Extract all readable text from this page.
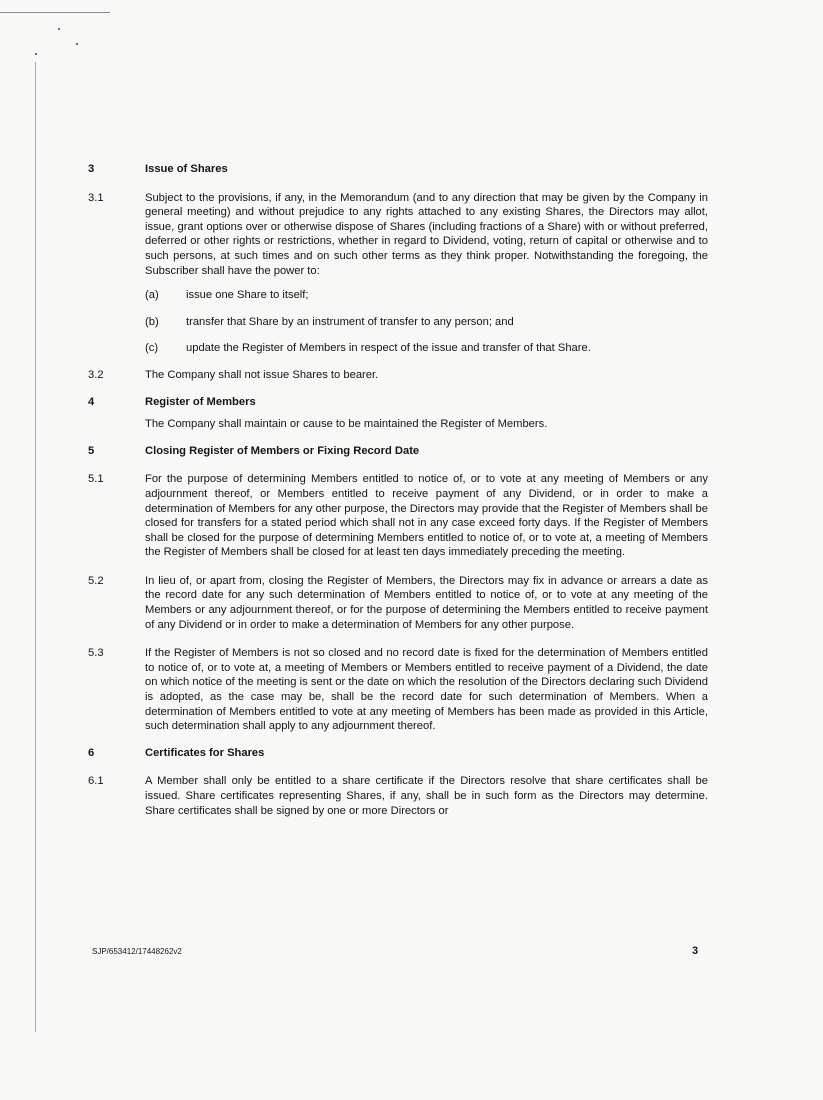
3	Issue of Shares
3.1	Subject to the provisions, if any, in the Memorandum (and to any direction that may be given by the Company in general meeting) and without prejudice to any rights attached to any existing Shares, the Directors may allot, issue, grant options over or otherwise dispose of Shares (including fractions of a Share) with or without preferred, deferred or other rights or restrictions, whether in regard to Dividend, voting, return of capital or otherwise and to such persons, at such times and on such other terms as they think proper. Notwithstanding the foregoing, the Subscriber shall have the power to:
(a)	issue one Share to itself;
(b)	transfer that Share by an instrument of transfer to any person; and
(c)	update the Register of Members in respect of the issue and transfer of that Share.
3.2	The Company shall not issue Shares to bearer.
4	Register of Members
The Company shall maintain or cause to be maintained the Register of Members.
5	Closing Register of Members or Fixing Record Date
5.1	For the purpose of determining Members entitled to notice of, or to vote at any meeting of Members or any adjournment thereof, or Members entitled to receive payment of any Dividend, or in order to make a determination of Members for any other purpose, the Directors may provide that the Register of Members shall be closed for transfers for a stated period which shall not in any case exceed forty days. If the Register of Members shall be closed for the purpose of determining Members entitled to notice of, or to vote at, a meeting of Members the Register of Members shall be closed for at least ten days immediately preceding the meeting.
5.2	In lieu of, or apart from, closing the Register of Members, the Directors may fix in advance or arrears a date as the record date for any such determination of Members entitled to notice of, or to vote at any meeting of the Members or any adjournment thereof, or for the purpose of determining the Members entitled to receive payment of any Dividend or in order to make a determination of Members for any other purpose.
5.3	If the Register of Members is not so closed and no record date is fixed for the determination of Members entitled to notice of, or to vote at, a meeting of Members or Members entitled to receive payment of a Dividend, the date on which notice of the meeting is sent or the date on which the resolution of the Directors declaring such Dividend is adopted, as the case may be, shall be the record date for such determination of Members. When a determination of Members entitled to vote at any meeting of Members has been made as provided in this Article, such determination shall apply to any adjournment thereof.
6	Certificates for Shares
6.1	A Member shall only be entitled to a share certificate if the Directors resolve that share certificates shall be issued. Share certificates representing Shares, if any, shall be in such form as the Directors may determine. Share certificates shall be signed by one or more Directors or
SJP/653412/17448262v2	3
